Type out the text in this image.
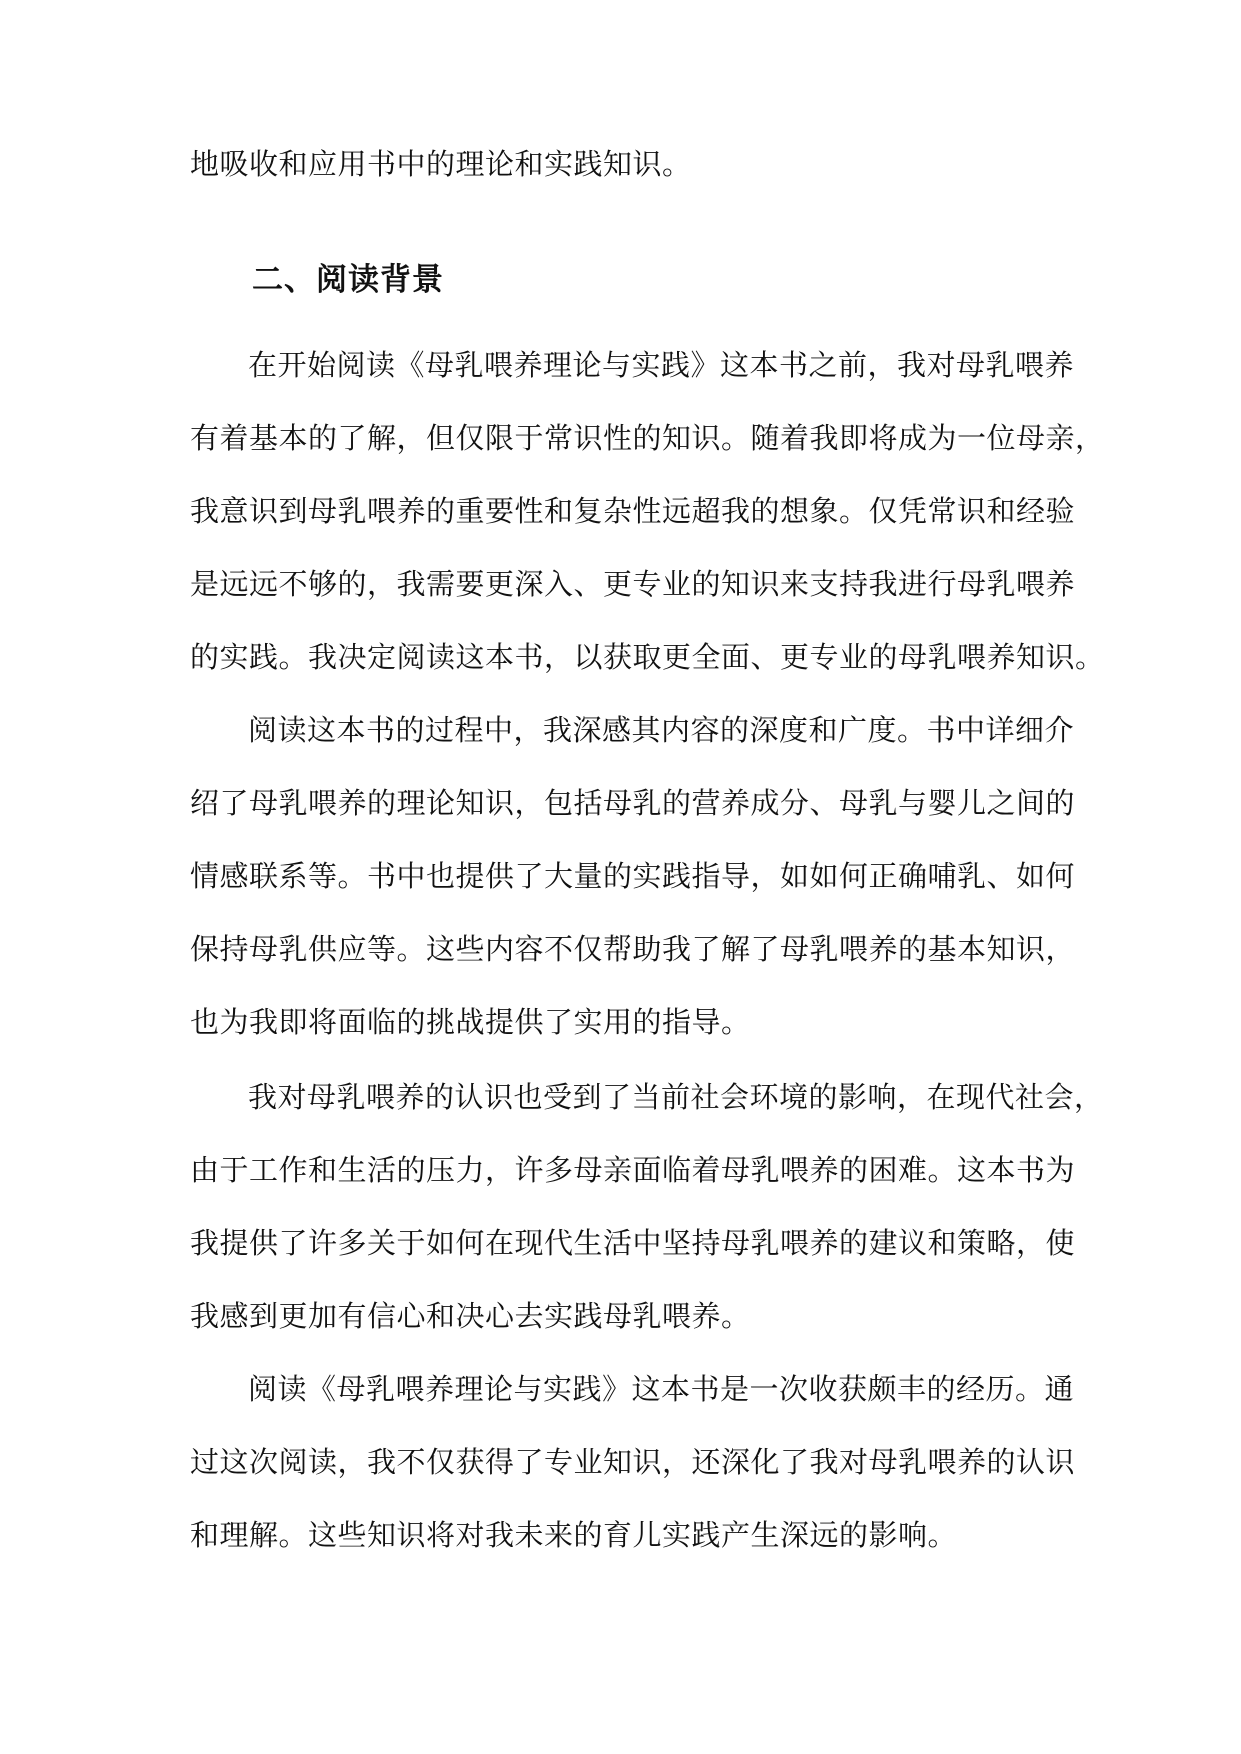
地吸收和应用书中的理论和实践知识。
二、阅读背景
在开始阅读《母乳喂养理论与实践》这本书之前，我对母乳喂养
有着基本的了解，但仅限于常识性的知识。随着我即将成为一位母亲，
我意识到母乳喂养的重要性和复杂性远超我的想象。仅凭常识和经验
是远远不够的，我需要更深入、更专业的知识来支持我进行母乳喂养
的实践。我决定阅读这本书，以获取更全面、更专业的母乳喂养知识。
阅读这本书的过程中，我深感其内容的深度和广度。书中详细介
绍了母乳喂养的理论知识，包括母乳的营养成分、母乳与婴儿之间的
情感联系等。书中也提供了大量的实践指导，如如何正确哺乳、如何
保持母乳供应等。这些内容不仅帮助我了解了母乳喂养的基本知识，
也为我即将面临的挑战提供了实用的指导。
我对母乳喂养的认识也受到了当前社会环境的影响，在现代社会，
由于工作和生活的压力，许多母亲面临着母乳喂养的困难。这本书为
我提供了许多关于如何在现代生活中坚持母乳喂养的建议和策略，使
我感到更加有信心和决心去实践母乳喂养。
阅读《母乳喂养理论与实践》这本书是一次收获颇丰的经历。通
过这次阅读，我不仅获得了专业知识，还深化了我对母乳喂养的认识
和理解。这些知识将对我未来的育儿实践产生深远的影响。
